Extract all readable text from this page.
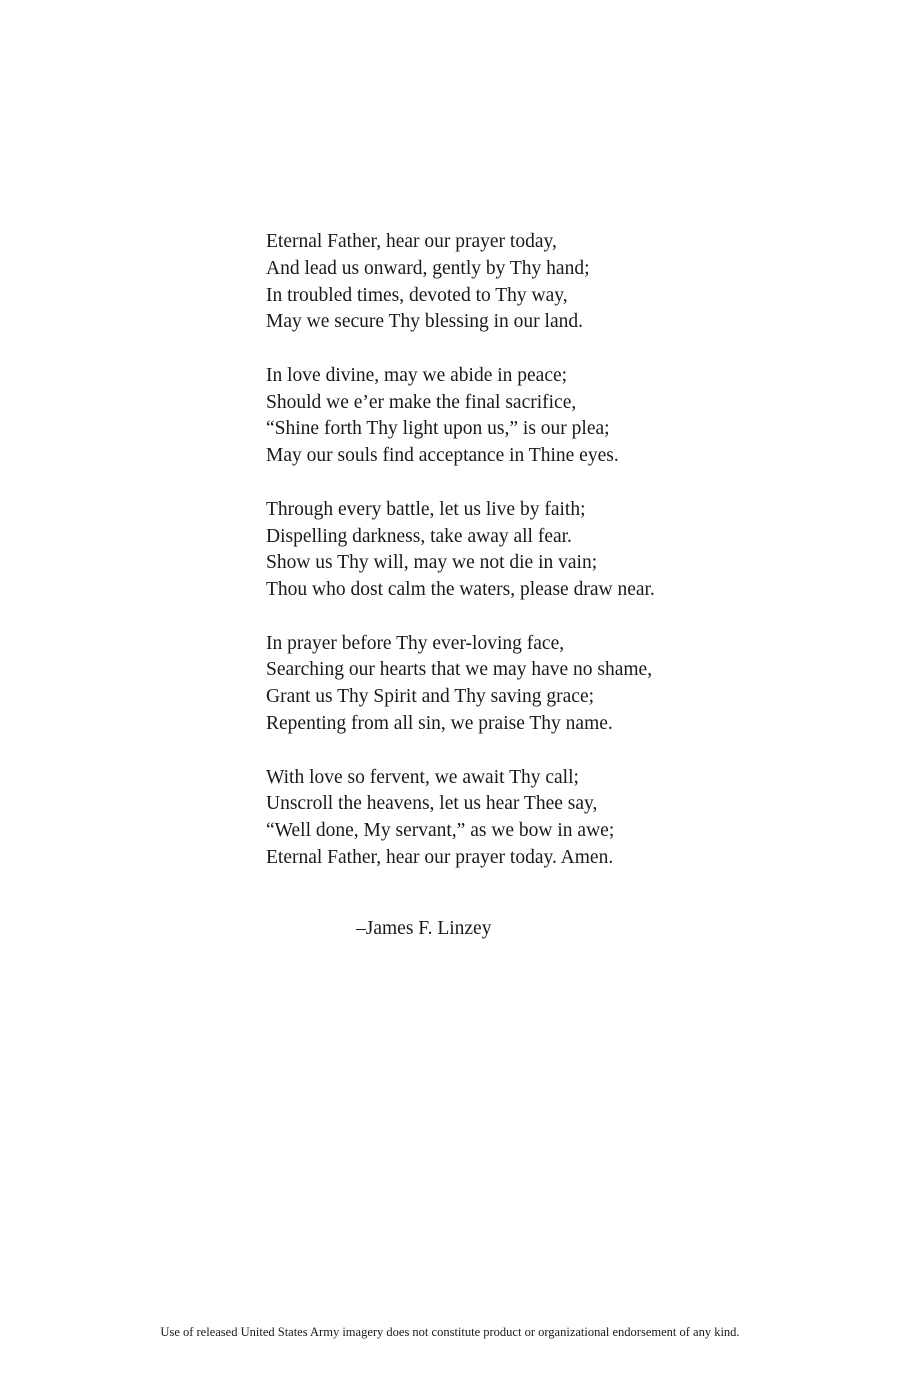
Eternal Father, hear our prayer today,
And lead us onward, gently by Thy hand;
In troubled times, devoted to Thy way,
May we secure Thy blessing in our land.
In love divine, may we abide in peace;
Should we e’er make the final sacrifice,
“Shine forth Thy light upon us,” is our plea;
May our souls find acceptance in Thine eyes.
Through every battle, let us live by faith;
Dispelling darkness, take away all fear.
Show us Thy will, may we not die in vain;
Thou who dost calm the waters, please draw near.
In prayer before Thy ever-loving face,
Searching our hearts that we may have no shame,
Grant us Thy Spirit and Thy saving grace;
Repenting from all sin, we praise Thy name.
With love so fervent, we await Thy call;
Unscroll the heavens, let us hear Thee say,
“Well done, My servant,” as we bow in awe;
Eternal Father, hear our prayer today. Amen.
–James F. Linzey
Use of released United States Army imagery does not constitute product or organizational endorsement of any kind.
